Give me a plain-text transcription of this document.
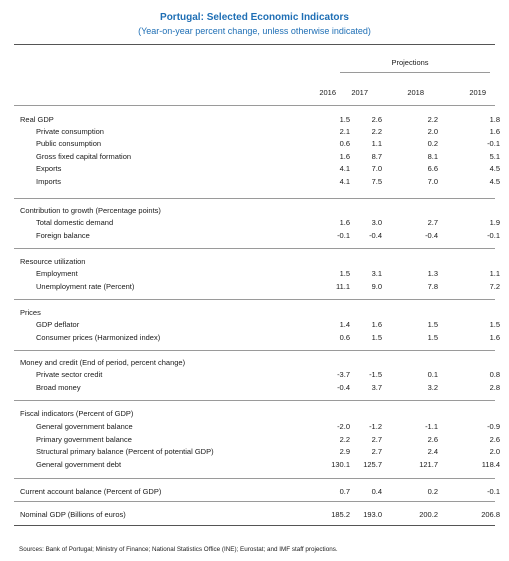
Portugal: Selected Economic Indicators
(Year-on-year percent change, unless otherwise indicated)
Projections
2016	2017	2018	2019
Real GDP	1.5	2.6	2.2	1.8
Private consumption	2.1	2.2	2.0	1.6
Public consumption	0.6	1.1	0.2	-0.1
Gross fixed capital formation	1.6	8.7	8.1	5.1
Exports	4.1	7.0	6.6	4.5
Imports	4.1	7.5	7.0	4.5
Contribution to growth (Percentage points)
Total domestic demand	1.6	3.0	2.7	1.9
Foreign balance	-0.1	-0.4	-0.4	-0.1
Resource utilization
Employment	1.5	3.1	1.3	1.1
Unemployment rate (Percent)	11.1	9.0	7.8	7.2
Prices
GDP deflator	1.4	1.6	1.5	1.5
Consumer prices (Harmonized index)	0.6	1.5	1.5	1.6
Money and credit (End of period, percent change)
Private sector credit	-3.7	-1.5	0.1	0.8
Broad money	-0.4	3.7	3.2	2.8
Fiscal indicators (Percent of GDP)
General government balance	-2.0	-1.2	-1.1	-0.9
Primary government balance	2.2	2.7	2.6	2.6
Structural primary balance (Percent of potential GDP)	2.9	2.7	2.4	2.0
General government debt	130.1	125.7	121.7	118.4
Current account balance (Percent of GDP)	0.7	0.4	0.2	-0.1
Nominal GDP (Billions of euros)	185.2	193.0	200.2	206.8
Sources: Bank of Portugal; Ministry of Finance; National Statistics Office (INE); Eurostat; and IMF staff projections.
